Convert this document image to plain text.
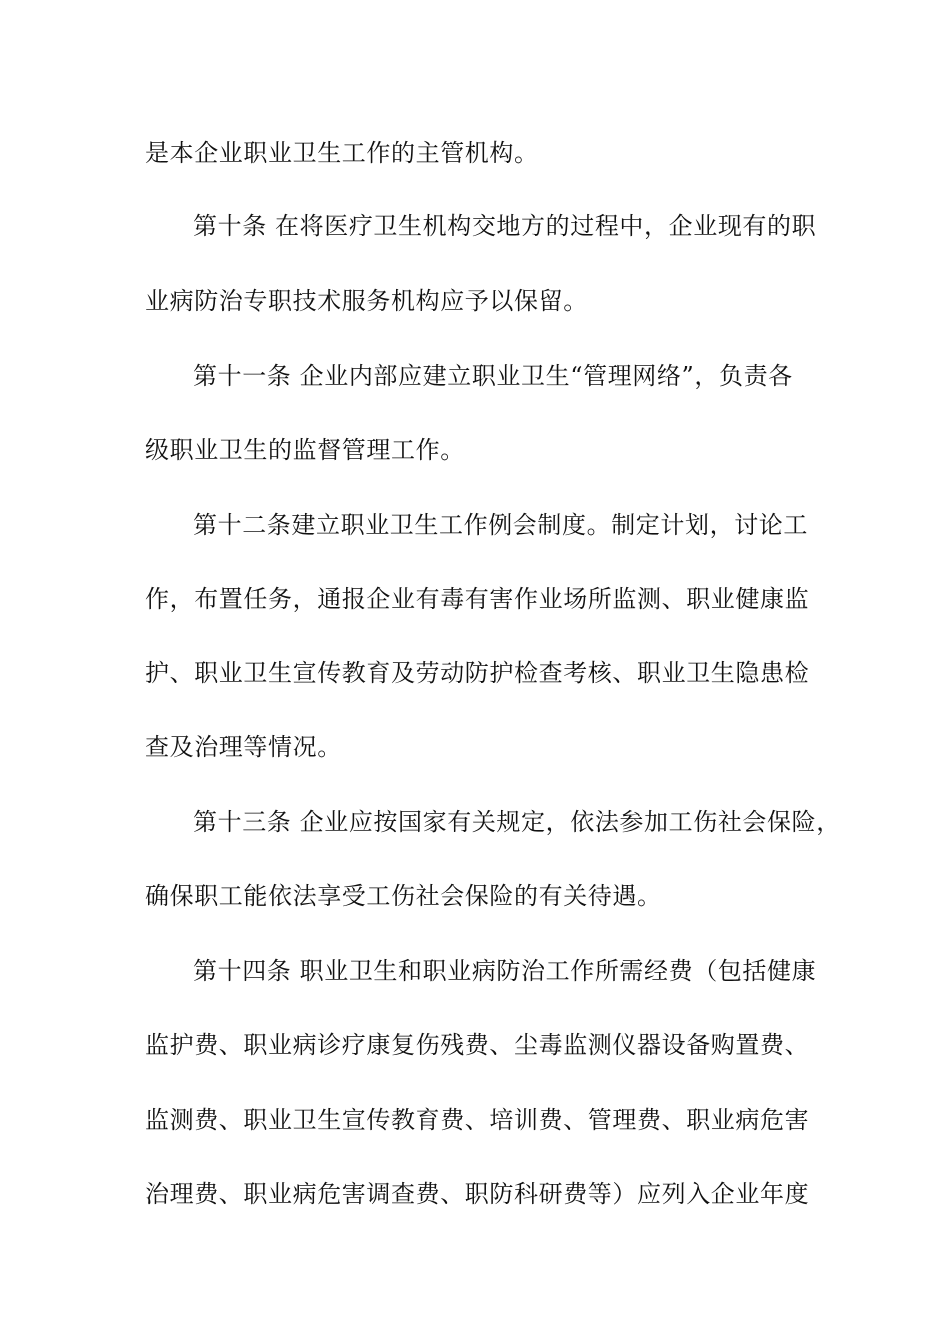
是本企业职业卫生工作的主管机构。
第十条 在将医疗卫生机构交地方的过程中，企业现有的职
业病防治专职技术服务机构应予以保留。
第十一条 企业内部应建立职业卫生“管理网络”，负责各
级职业卫生的监督管理工作。
第十二条建立职业卫生工作例会制度。制定计划，讨论工
作，布置任务，通报企业有毒有害作业场所监测、职业健康监
护、职业卫生宣传教育及劳动防护检查考核、职业卫生隐患检
查及治理等情况。
第十三条 企业应按国家有关规定，依法参加工伤社会保险，
确保职工能依法享受工伤社会保险的有关待遇。
第十四条 职业卫生和职业病防治工作所需经费（包括健康
监护费、职业病诊疗康复伤残费、尘毒监测仪器设备购置费、
监测费、职业卫生宣传教育费、培训费、管理费、职业病危害
治理费、职业病危害调查费、职防科研费等）应列入企业年度
